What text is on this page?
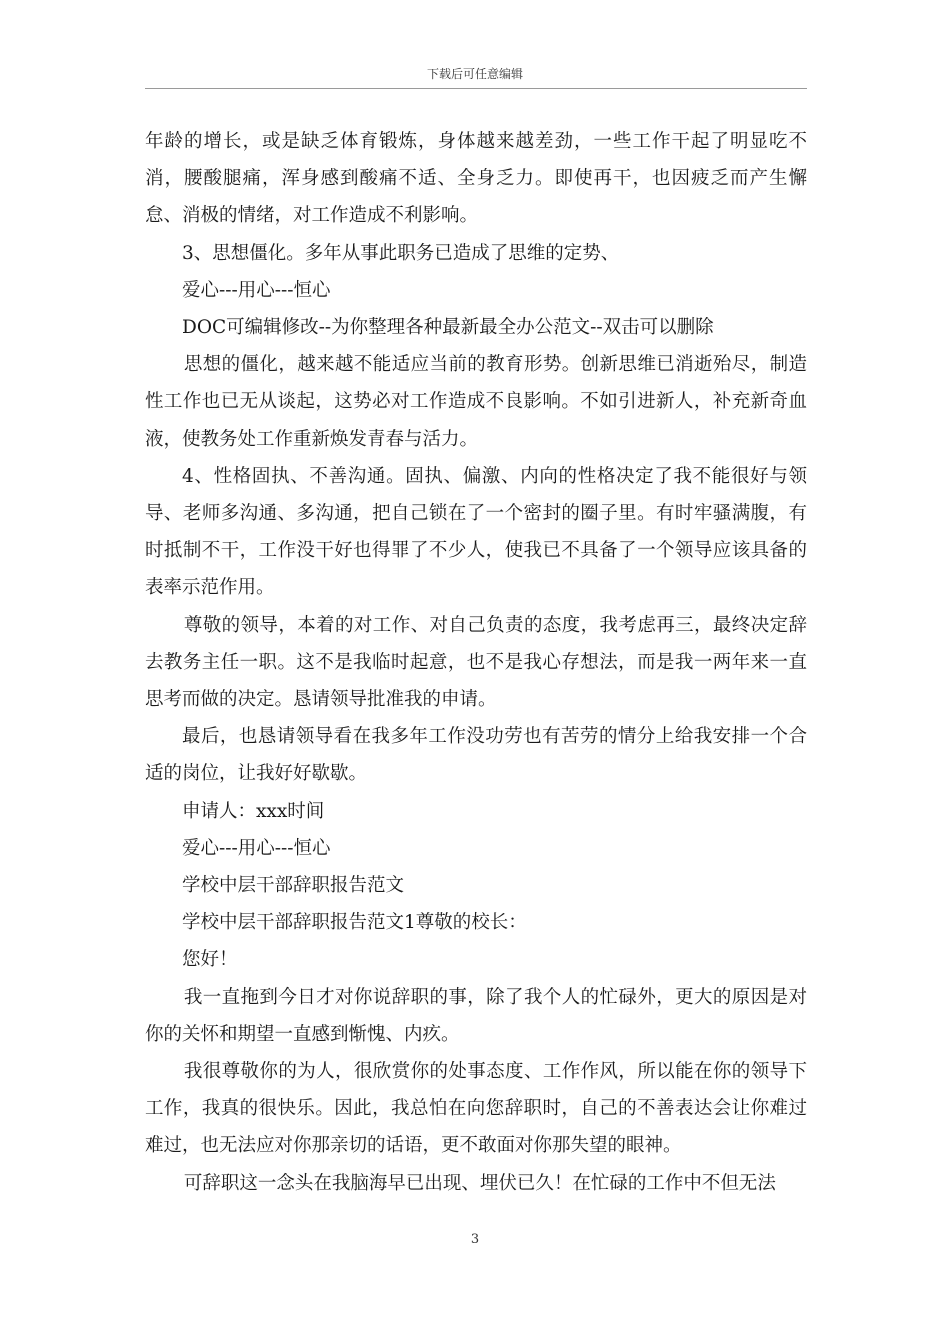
下载后可任意编辑

年龄的增长，或是缺乏体育锻炼，身体越来越差劲，一些工作干起了明显吃不消，腰酸腿痛，浑身感到酸痛不适、全身乏力。即使再干，也因疲乏而产生懈怠、消极的情绪，对工作造成不利影响。

3、思想僵化。多年从事此职务已造成了思维的定势、

爱心---用心---恒心

DOC可编辑修改--为你整理各种最新最全办公范文--双击可以删除

思想的僵化，越来越不能适应当前的教育形势。创新思维已消逝殆尽，制造性工作也已无从谈起，这势必对工作造成不良影响。不如引进新人，补充新奇血液，使教务处工作重新焕发青春与活力。

4、性格固执、不善沟通。固执、偏激、内向的性格决定了我不能很好与领导、老师多沟通、多沟通，把自己锁在了一个密封的圈子里。有时牢骚满腹，有时抵制不干，工作没干好也得罪了不少人，使我已不具备了一个领导应该具备的表率示范作用。

尊敬的领导，本着的对工作、对自己负责的态度，我考虑再三，最终决定辞去教务主任一职。这不是我临时起意，也不是我心存想法，而是我一两年来一直思考而做的决定。恳请领导批准我的申请。

最后，也恳请领导看在我多年工作没功劳也有苦劳的情分上给我安排一个合适的岗位，让我好好歇歇。

申请人：xxx时间

爱心---用心---恒心

学校中层干部辞职报告范文

学校中层干部辞职报告范文1尊敬的校长：

您好！

我一直拖到今日才对你说辞职的事，除了我个人的忙碌外，更大的原因是对你的关怀和期望一直感到惭愧、内疚。

我很尊敬你的为人，很欣赏你的处事态度、工作作风，所以能在你的领导下工作，我真的很快乐。因此，我总怕在向您辞职时，自己的不善表达会让你难过难过，也无法应对你那亲切的话语，更不敢面对你那失望的眼神。

可辞职这一念头在我脑海早已出现、埋伏已久！在忙碌的工作中不但无法

3
